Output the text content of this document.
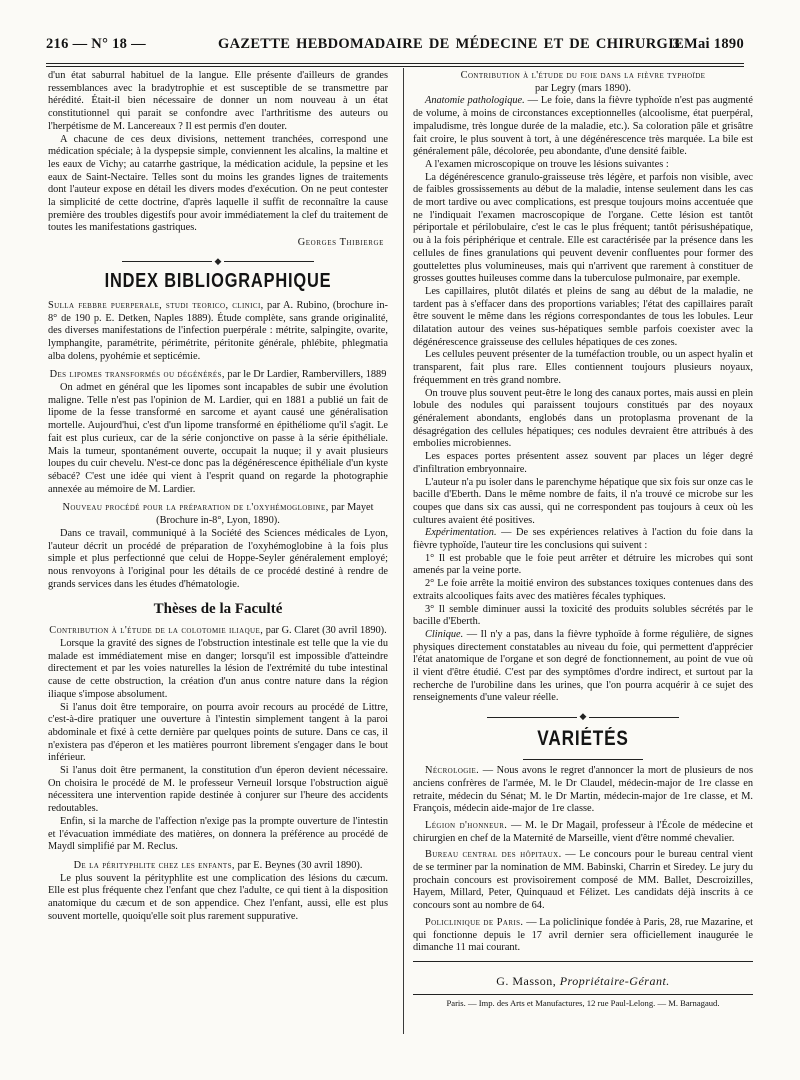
216 — N° 18 —	GAZETTE HEBDOMADAIRE DE MÉDECINE ET DE CHIRURGIE
3 Mai 1890

d'un état saburral habituel de la langue. Elle présente d'ailleurs de grandes ressemblances avec la bradytrophie et est susceptible de se transmettre par hérédité. Était-il bien nécessaire de donner un nom nouveau à un état constitutionnel qui parait se confondre avec l'arthritisme des auteurs ou l'herpétisme de M. Lancereaux ? Il est permis d'en douter.

A chacune de ces deux divisions, nettement tranchées, correspond une médication spéciale; à la dyspepsie simple, conviennent les alcalins, la maltine et les eaux de Vichy; au catarrhe gastrique, la médication acidule, la pepsine et les eaux de Saint-Nectaire. Telles sont du moins les grandes lignes de traitements dont l'auteur expose en détail les divers modes d'exécution. On ne peut contester la simplicité de cette doctrine, d'après laquelle il suffit de reconnaître la cause première des troubles digestifs pour avoir immédiatement la clef du traitement de toutes les manifestations gastriques.

Georges Thibierge
◆
INDEX BIBLIOGRAPHIQUE

Sulla febbre puerperale, studi teorico, clinici, par A. Rubino, (brochure in-8° de 190 p. E. Detken, Naples 1889). Étude complète, sans grande originalité, des diverses manifestations de l'infection puerpérale : métrite, salpingite, ovarite, lymphangite, paramétrite, périmétrite, péritonite générale, phlébite, phlegmatia alba dolens, pyohémie et septicémie.

Des lipomes transformés ou dégénérés, par le Dr Lardier, Rambervillers, 1889

On admet en général que les lipomes sont incapables de subir une évolution maligne. Telle n'est pas l'opinion de M. Lardier, qui en 1881 a publié un fait de lipome de la fesse transformé en sarcome et ayant causé une généralisation mortelle. Aujourd'hui, c'est d'un lipome transformé en épithéliome qu'il s'agit. Le fait est plus curieux, car de la série conjonctive on passe à la série épithéliale. Mais la tumeur, spontanément ouverte, occupait la nuque; il y avait plusieurs loupes du cuir chevelu. N'est-ce donc pas la dégénérescence épithéliale d'un kyste sébacé? C'est une idée qui vient à l'esprit quand on regarde la photographie annexée au mémoire de M. Lardier.

Nouveau procédé pour la préparation de l'oxyhémoglobine, par Mayet (Brochure in-8°, Lyon, 1890).

Dans ce travail, communiqué à la Société des Sciences médicales de Lyon, l'auteur décrit un procédé de préparation de l'oxyhémoglobine à la fois plus simple et plus perfectionné que celui de Hoppe-Seyler généralement employé; nous renvoyons à l'original pour les détails de ce procédé destiné à rendre de grands services dans les études d'hématologie.

Thèses de la Faculté

Contribution à l'étude de la colotomie iliaque, par G. Claret (30 avril 1890).

Lorsque la gravité des signes de l'obstruction intestinale est telle que la vie du malade est immédiatement mise en danger; lorsqu'il est impossible d'atteindre directement et par les voies naturelles la lésion de l'extrémité du tube intestinal cause de cette obstruction, la création d'un anus contre nature dans la région iliaque s'impose absolument.

Si l'anus doit être temporaire, on pourra avoir recours au procédé de Littre, c'est-à-dire pratiquer une ouverture à l'intestin simplement tangent à la paroi abdominale et fixé à cette dernière par quelques points de suture. Dans ce cas, il n'existera pas d'éperon et les matières pourront librement s'engager dans le bout inférieur.

Si l'anus doit être permanent, la constitution d'un éperon devient nécessaire. On choisira le procédé de M. le professeur Verneuil lorsque l'obstruction aiguë nécessitera une intervention rapide destinée à conjurer sur l'heure des accidents redoutables.

Enfin, si la marche de l'affection n'exige pas la prompte ouverture de l'intestin et l'évacuation immédiate des matières, on donnera la préférence au procédé de Maydl simplifié par M. Reclus.

De la pérityphlite chez les enfants, par E. Beynes (30 avril 1890).

Le plus souvent la pérityphlite est une complication des lésions du cæcum. Elle est plus fréquente chez l'enfant que chez l'adulte, ce qui tient à la disposition anatomique du cæcum et de son appendice. Chez l'enfant, aussi, elle est plus souvent mortelle, quoiqu'elle soit plus rarement suppurative.

Contribution à l'étude du foie dans la fièvre typhoïde
par Legry (mars 1890).

Anatomie pathologique. — Le foie, dans la fièvre typhoïde n'est pas augmenté de volume, à moins de circonstances exceptionnelles (alcoolisme, état puerpéral, impaludisme, très longue durée de la maladie, etc.). Sa coloration pâle et grisâtre fait croire, le plus souvent à tort, à une dégénérescence très marquée. La bile est généralement pâle, décolorée, peu abondante, d'une densité faible.

A l'examen microscopique on trouve les lésions suivantes :

La dégénérescence granulo-graisseuse très légère, et parfois non visible, avec de faibles grossissements au début de la maladie, intense seulement dans les cas de mort tardive ou avec complications, est presque toujours moins accentuée que ne l'indiquait l'examen macroscopique de l'organe. Cette lésion est tantôt périportale et périlobulaire, c'est le cas le plus fréquent; tantôt périsushépatique, ou à la fois périphérique et centrale. Elle est caractérisée par la présence dans les cellules de fines granulations qui peuvent devenir confluentes pour former des gouttelettes plus volumineuses, mais qui n'arrivent que rarement à constituer de grosses gouttes huileuses comme dans la tuberculose pulmonaire, par exemple.

Les capillaires, plutôt dilatés et pleins de sang au début de la maladie, ne tardent pas à s'effacer dans des proportions variables; l'état des capillaires paraît être souvent le même dans les régions correspondantes de tous les lobules. Leur dilatation autour des veines sus-hépatiques semble parfois coexister avec la dégénérescence graisseuse des cellules hépatiques de ces zones.

Les cellules peuvent présenter de la tuméfaction trouble, ou un aspect hyalin et transparent, fait plus rare. Elles contiennent toujours plusieurs noyaux, fréquemment en très grand nombre.

On trouve plus souvent peut-être le long des canaux portes, mais aussi en plein lobule des nodules qui paraissent toujours constitués par des noyaux généralement abondants, englobés dans un protoplasma provenant de la désagrégation des cellules hépatiques; ces nodules devraient être attribués à des embolies microbiennes.

Les espaces portes présentent assez souvent par places un léger degré d'infiltration embryonnaire.

L'auteur n'a pu isoler dans le parenchyme hépatique que six fois sur onze cas le bacille d'Eberth. Dans le même nombre de faits, il n'a trouvé ce microbe sur les coupes que dans six cas aussi, qui ne correspondent pas toujours à ceux où les cultures avaient été positives.

Expérimentation. — De ses expériences relatives à l'action du foie dans la fièvre typhoïde, l'auteur tire les conclusions qui suivent :

1° Il est probable que le foie peut arrêter et détruire les microbes qui sont amenés par la veine porte.

2° Le foie arrête la moitié environ des substances toxiques contenues dans des extraits alcooliques faits avec des matières fécales typhiques.

3° Il semble diminuer aussi la toxicité des produits solubles sécrétés par le bacille d'Eberth.

Clinique. — Il n'y a pas, dans la fièvre typhoïde à forme régulière, de signes physiques directement constatables au niveau du foie, qui permettent d'apprécier l'état anatomique de l'organe et son degré de fonctionnement, au point de vue où il vient d'être étudié. C'est par des symptômes d'ordre indirect, et surtout par la recherche de l'urobiline dans les urines, que l'on pourra acquérir à ce sujet des renseignements d'une valeur réelle.

◆
VARIÉTÉS

Nécrologie. — Nous avons le regret d'annoncer la mort de plusieurs de nos anciens confrères de l'armée, M. le Dr Claudel, médecin-major de 1re classe en retraite, médecin du Sénat; M. le Dr Martin, médecin-major de 1re classe, et M. François, médecin aide-major de 1re classe.

Légion d'honneur. — M. le Dr Magail, professeur à l'École de médecine et chirurgien en chef de la Maternité de Marseille, vient d'être nommé chevalier.

Bureau central des hôpitaux. — Le concours pour le bureau central vient de se terminer par la nomination de MM. Babinski, Charrin et Siredey. Le jury du prochain concours est provisoirement composé de MM. Ballet, Descroizilles, Hayem, Millard, Peter, Quinquaud et Félizet. Les candidats déjà inscrits à ce concours sont au nombre de 64.

Policlinique de Paris. — La policlinique fondée à Paris, 28, rue Mazarine, et qui fonctionne depuis le 17 avril dernier sera officiellement inaugurée le dimanche 11 mai courant.

G. Masson, Propriétaire-Gérant.
Paris. — Imp. des Arts et Manufactures, 12 rue Paul-Lelong. — M. Barnagaud.
